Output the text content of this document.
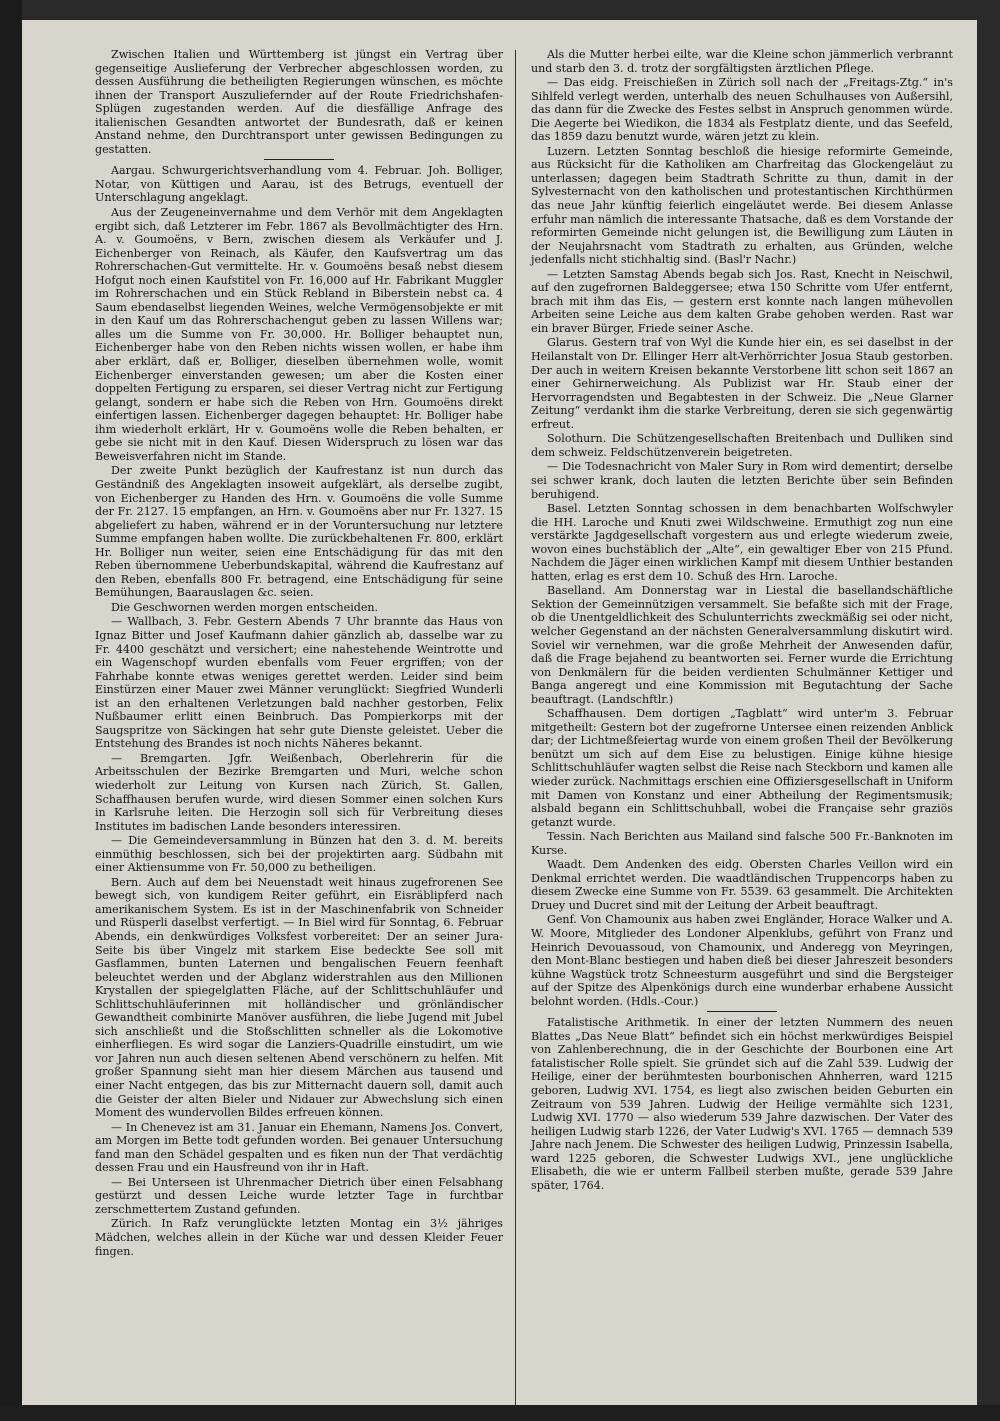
Zwischen Italien und Württemberg ist jüngst ein Vertrag über gegenseitige Auslieferung der Verbrecher abgeschlossen worden, zu dessen Ausführung die betheiligten Regierungen wünschen, es möchte ihnen der Transport Auszuliefernder auf der Route Friedrichshafen-Splügen zugestanden werden. Auf die diesfällige Anfrage des italienischen Gesandten antwortet der Bundesrath, daß er keinen Anstand nehme, den Durchtransport unter gewissen Bedingungen zu gestatten.

Aargau. Schwurgerichtsverhandlung vom 4. Februar. Joh. Bolliger, Notar, von Küttigen und Aarau, ist des Betrugs, eventuell der Unterschlagung angeklagt.

Aus der Zeugeneinvernahme und dem Verhör mit dem Angeklagten ergibt sich, daß Letzterer im Febr. 1867 als Bevollmächtigter des Hrn. A. v. Goumoëns, v Bern, zwischen diesem als Verkäufer und J. Eichenberger von Reinach, als Käufer, den Kaufsvertrag um das Rohrerschachen-Gut vermittelte. Hr. v. Goumoëns besaß nebst diesem Hofgut noch einen Kaufstitel von Fr. 16,000 auf Hr. Fabrikant Muggler im Rohrerschachen und ein Stück Rebland in Biberstein nebst ca. 4 Saum ebendaselbst liegenden Weines, welche Vermögensobjekte er mit in den Kauf um das Rohrerschachengut geben zu lassen Willens war; alles um die Summe von Fr. 30,000. Hr. Bolliger behauptet nun, Eichenberger habe von den Reben nichts wissen wollen, er habe ihm aber erklärt, daß er, Bolliger, dieselben übernehmen wolle, womit Eichenberger einverstanden gewesen; um aber die Kosten einer doppelten Fertigung zu ersparen, sei dieser Vertrag nicht zur Fertigung gelangt, sondern er habe sich die Reben von Hrn. Goumoëns direkt einfertigen lassen. Eichenberger dagegen behauptet: Hr. Bolliger habe ihm wiederholt erklärt, Hr v. Goumoëns wolle die Reben behalten, er gebe sie nicht mit in den Kauf. Diesen Widerspruch zu lösen war das Beweisverfahren nicht im Stande.

Der zweite Punkt bezüglich der Kaufrestanz ist nun durch das Geständniß des Angeklagten insoweit aufgeklärt, als derselbe zugibt, von Eichenberger zu Handen des Hrn. v. Goumoëns die volle Summe der Fr. 2127. 15 empfangen, an Hrn. v. Goumoëns aber nur Fr. 1327. 15 abgeliefert zu haben, während er in der Voruntersuchung nur letztere Summe empfangen haben wollte. Die zurückbehaltenen Fr. 800, erklärt Hr. Bolliger nun weiter, seien eine Entschädigung für das mit den Reben übernommene Ueberbundskapital, während die Kaufrestanz auf den Reben, ebenfalls 800 Fr. betragend, eine Entschädigung für seine Bemühungen, Baarauslagen &c. seien.

Die Geschwornen werden morgen entscheiden.

— Wallbach, 3. Febr. Gestern Abends 7 Uhr brannte das Haus von Ignaz Bitter und Josef Kaufmann dahier gänzlich ab, dasselbe war zu Fr. 4400 geschätzt und versichert; eine nahestehende Weintrotte und ein Wagenschopf wurden ebenfalls vom Feuer ergriffen; von der Fahrhabe konnte etwas weniges gerettet werden. Leider sind beim Einstürzen einer Mauer zwei Männer verunglückt: Siegfried Wunderli ist an den erhaltenen Verletzungen bald nachher gestorben, Felix Nußbaumer erlitt einen Beinbruch. Das Pompierkorps mit der Saugspritze von Säckingen hat sehr gute Dienste geleistet. Ueber die Entstehung des Brandes ist noch nichts Näheres bekannt.

— Bremgarten. Jgfr. Weißenbach, Oberlehrerin für die Arbeitsschulen der Bezirke Bremgarten und Muri, welche schon wiederholt zur Leitung von Kursen nach Zürich, St. Gallen, Schaffhausen berufen wurde, wird diesen Sommer einen solchen Kurs in Karlsruhe leiten. Die Herzogin soll sich für Verbreitung dieses Institutes im badischen Lande besonders interessiren.

— Die Gemeindeversammlung in Bünzen hat den 3. d. M. bereits einmüthig beschlossen, sich bei der projektirten aarg. Südbahn mit einer Aktiensumme von Fr. 50,000 zu betheiligen.

Bern. Auch auf dem bei Neuenstadt weit hinaus zugefrorenen See bewegt sich, von kundigem Reiter geführt, ein Eisräblipferd nach amerikanischem System. Es ist in der Maschinenfabrik von Schneider und Rüsperli daselbst verfertigt. — In Biel wird für Sonntag, 6. Februar Abends, ein denkwürdiges Volksfest vorbereitet: Der an seiner Jura-Seite bis über Vingelz mit starkem Eise bedeckte See soll mit Gasflammen, bunten Laternen und bengalischen Feuern feenhaft beleuchtet werden und der Abglanz widerstrahlen aus den Millionen Krystallen der spiegelglatten Fläche, auf der Schlittschuhläufer und Schlittschuhläuferinnen mit holländischer und grönländischer Gewandtheit combinirte Manöver ausführen, die liebe Jugend mit Jubel sich anschließt und die Stoßschlitten schneller als die Lokomotive einherfliegen. Es wird sogar die Lanziers-Quadrille einstudirt, um wie vor Jahren nun auch diesen seltenen Abend verschönern zu helfen. Mit großer Spannung sieht man hier diesem Märchen aus tausend und einer Nacht entgegen, das bis zur Mitternacht dauern soll, damit auch die Geister der alten Bieler und Nidauer zur Abwechslung sich einen Moment des wundervollen Bildes erfreuen können.

— In Chenevez ist am 31. Januar ein Ehemann, Namens Jos. Convert, am Morgen im Bette todt gefunden worden. Bei genauer Untersuchung fand man den Schädel gespalten und es fiken nun der That verdächtig dessen Frau und ein Hausfreund von ihr in Haft.

— Bei Unterseen ist Uhrenmacher Dietrich über einen Felsabhang gestürzt und dessen Leiche wurde letzter Tage in furchtbar zerschmettertem Zustand gefunden.

Zürich. In Rafz verunglückte letzten Montag ein 3½ jähriges Mädchen, welches allein in der Küche war und dessen Kleider Feuer fingen.

Als die Mutter herbei eilte, war die Kleine schon jämmerlich verbrannt und starb den 3. d. trotz der sorgfältigsten ärztlichen Pflege.

— Das eidg. Freischießen in Zürich soll nach der „Freitags-Ztg.“ in's Sihlfeld verlegt werden, unterhalb des neuen Schulhauses von Außersihl, das dann für die Zwecke des Festes selbst in Anspruch genommen würde. Die Aegerte bei Wiedikon, die 1834 als Festplatz diente, und das Seefeld, das 1859 dazu benutzt wurde, wären jetzt zu klein.

Luzern. Letzten Sonntag beschloß die hiesige reformirte Gemeinde, aus Rücksicht für die Katholiken am Charfreitag das Glockengeläut zu unterlassen; dagegen beim Stadtrath Schritte zu thun, damit in der Sylvesternacht von den katholischen und protestantischen Kirchthürmen das neue Jahr künftig feierlich eingeläutet werde. Bei diesem Anlasse erfuhr man nämlich die interessante Thatsache, daß es dem Vorstande der reformirten Gemeinde nicht gelungen ist, die Bewilligung zum Läuten in der Neujahrsnacht vom Stadtrath zu erhalten, aus Gründen, welche jedenfalls nicht stichhaltig sind. (Basl'r Nachr.)

— Letzten Samstag Abends begab sich Jos. Rast, Knecht in Neischwil, auf den zugefrornen Baldeggersee; etwa 150 Schritte vom Ufer entfernt, brach mit ihm das Eis, — gestern erst konnte nach langen mühevollen Arbeiten seine Leiche aus dem kalten Grabe gehoben werden. Rast war ein braver Bürger, Friede seiner Asche.

Glarus. Gestern traf von Wyl die Kunde hier ein, es sei daselbst in der Heilanstalt von Dr. Ellinger Herr alt-Verhörrichter Josua Staub gestorben. Der auch in weitern Kreisen bekannte Verstorbene litt schon seit 1867 an einer Gehirnerweichung. Als Publizist war Hr. Staub einer der Hervorragendsten und Begabtesten in der Schweiz. Die „Neue Glarner Zeitung“ verdankt ihm die starke Verbreitung, deren sie sich gegenwärtig erfreut.

Solothurn. Die Schützengesellschaften Breitenbach und Dulliken sind dem schweiz. Feldschützenverein beigetreten.

— Die Todesnachricht von Maler Sury in Rom wird dementirt; derselbe sei schwer krank, doch lauten die letzten Berichte über sein Befinden beruhigend.

Basel. Letzten Sonntag schossen in dem benachbarten Wolfschwyler die HH. Laroche und Knuti zwei Wildschweine. Ermuthigt zog nun eine verstärkte Jagdgesellschaft vorgestern aus und erlegte wiederum zweie, wovon eines buchstäblich der „Alte“, ein gewaltiger Eber von 215 Pfund. Nachdem die Jäger einen wirklichen Kampf mit diesem Unthier bestanden hatten, erlag es erst dem 10. Schuß des Hrn. Laroche.

Baselland. Am Donnerstag war in Liestal die basellandschäftliche Sektion der Gemeinnützigen versammelt. Sie befaßte sich mit der Frage, ob die Unentgeldlichkeit des Schulunterrichts zweckmäßig sei oder nicht, welcher Gegenstand an der nächsten Generalversammlung diskutirt wird. Soviel wir vernehmen, war die große Mehrheit der Anwesenden dafür, daß die Frage bejahend zu beantworten sei. Ferner wurde die Errichtung von Denkmälern für die beiden verdienten Schulmänner Kettiger und Banga angeregt und eine Kommission mit Begutachtung der Sache beauftragt. (Landschftlr.)

Schaffhausen. Dem dortigen „Tagblatt“ wird unter'm 3. Februar mitgetheilt: Gestern bot der zugefrorne Untersee einen reizenden Anblick dar; der Lichtmeßfeiertag wurde von einem großen Theil der Bevölkerung benützt um sich auf dem Eise zu belustigen. Einige kühne hiesige Schlittschuhläufer wagten selbst die Reise nach Steckborn und kamen alle wieder zurück. Nachmittags erschien eine Offiziersgesellschaft in Uniform mit Damen von Konstanz und einer Abtheilung der Regimentsmusik; alsbald begann ein Schlittschuhball, wobei die Française sehr graziös getanzt wurde.

Tessin. Nach Berichten aus Mailand sind falsche 500 Fr.-Banknoten im Kurse.

Waadt. Dem Andenken des eidg. Obersten Charles Veillon wird ein Denkmal errichtet werden. Die waadtländischen Truppencorps haben zu diesem Zwecke eine Summe von Fr. 5539. 63 gesammelt. Die Architekten Druey und Ducret sind mit der Leitung der Arbeit beauftragt.

Genf. Von Chamounix aus haben zwei Engländer, Horace Walker und A. W. Moore, Mitglieder des Londoner Alpenklubs, geführt von Franz und Heinrich Devouassoud, von Chamounix, und Anderegg von Meyringen, den Mont-Blanc bestiegen und haben dieß bei dieser Jahreszeit besonders kühne Wagstück trotz Schneesturm ausgeführt und sind die Bergsteiger auf der Spitze des Alpenkönigs durch eine wunderbar erhabene Aussicht belohnt worden. (Hdls.-Cour.)

Fatalistische Arithmetik. In einer der letzten Nummern des neuen Blattes „Das Neue Blatt“ befindet sich ein höchst merkwürdiges Beispiel von Zahlenberechnung, die in der Geschichte der Bourbonen eine Art fatalistischer Rolle spielt. Sie gründet sich auf die Zahl 539. Ludwig der Heilige, einer der berühmtesten bourbonischen Ahnherren, ward 1215 geboren, Ludwig XVI. 1754, es liegt also zwischen beiden Geburten ein Zeitraum von 539 Jahren. Ludwig der Heilige vermählte sich 1231, Ludwig XVI. 1770 — also wiederum 539 Jahre dazwischen. Der Vater des heiligen Ludwig starb 1226, der Vater Ludwig's XVI. 1765 — demnach 539 Jahre nach Jenem. Die Schwester des heiligen Ludwig, Prinzessin Isabella, ward 1225 geboren, die Schwester Ludwigs XVI., jene unglückliche Elisabeth, die wie er unterm Fallbeil sterben mußte, gerade 539 Jahre später, 1764.
